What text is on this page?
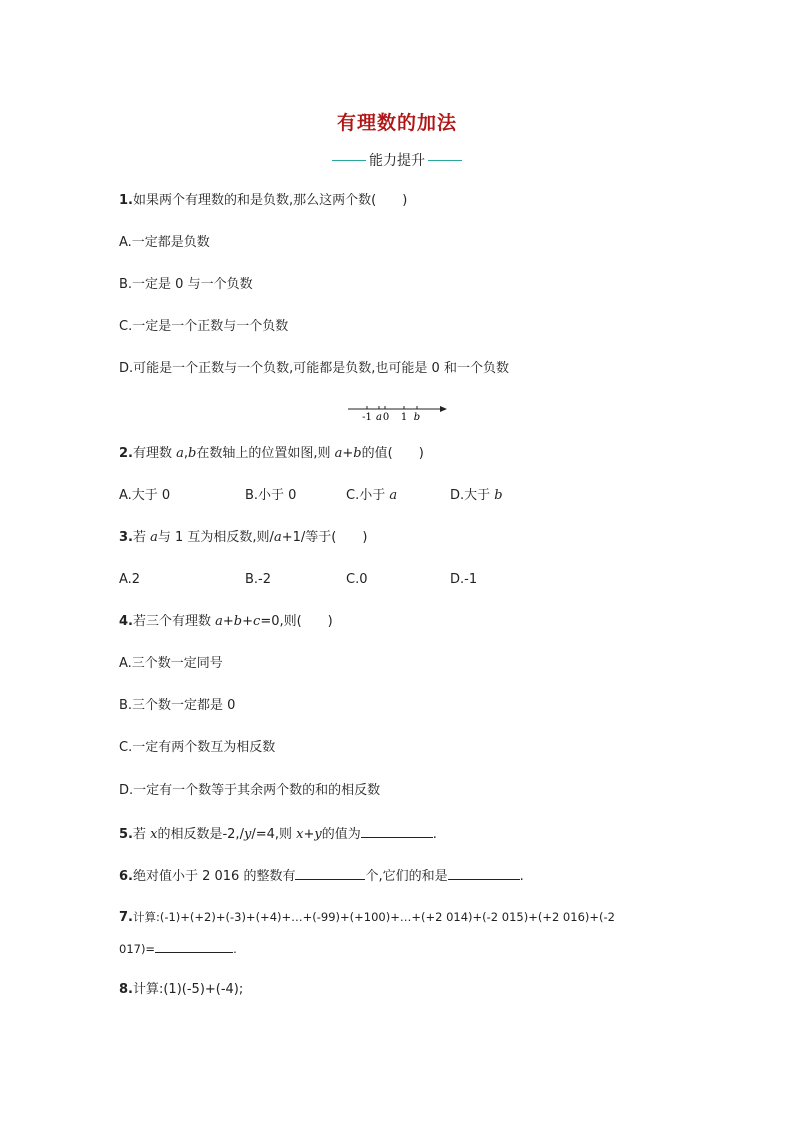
有理数的加法
能力提升
1.如果两个有理数的和是负数,那么这两个数(　　)
A.一定都是负数
B.一定是 0 与一个负数
C.一定是一个正数与一个负数
D.可能是一个正数与一个负数,可能都是负数,也可能是 0 和一个负数
-1 a 0 1 b
2.有理数 a,b在数轴上的位置如图,则 a+b的值(　　)
A.大于 0	B.小于 0	C.小于 a	D.大于 b
3.若 a与 1 互为相反数,则/a+1/等于(　　)
A.2	B.-2	C.0	D.-1
4.若三个有理数 a+b+c=0,则(　　)
A.三个数一定同号
B.三个数一定都是 0
C.一定有两个数互为相反数
D.一定有一个数等于其余两个数的和的相反数
5.若 x的相反数是-2,/y/=4,则 x+y的值为	.
6.绝对值小于 2 016 的整数有	个,它们的和是	.
7.计算:(-1)+(+2)+(-3)+(+4)+…+(-99)+(+100)+…+(+2 014)+(-2 015)+(+2 016)+(-2
017)=	.
8.计算:(1)(-5)+(-4);
